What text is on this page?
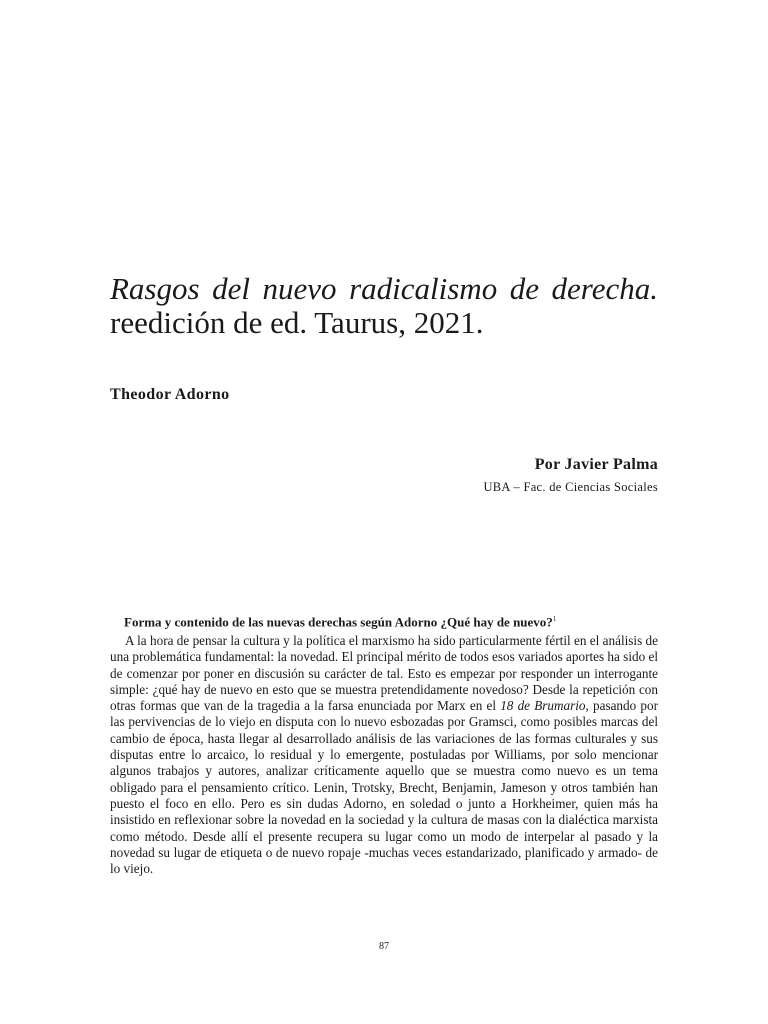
Rasgos del nuevo radicalismo de derecha. reedición de ed. Taurus, 2021.
Theodor Adorno
Por Javier Palma
UBA – Fac. de Ciencias Sociales
Forma y contenido de las nuevas derechas según Adorno ¿Qué hay de nuevo?$^1$

A la hora de pensar la cultura y la política el marxismo ha sido particularmente fértil en el análisis de una problemática fundamental: la novedad. El principal mérito de todos esos variados aportes ha sido el de comenzar por poner en discusión su carácter de tal. Esto es empezar por responder un interrogante simple: ¿qué hay de nuevo en esto que se muestra pretendidamente novedoso? Desde la repetición con otras formas que van de la tragedia a la farsa enunciada por Marx en el 18 de Brumario, pasando por las pervivencias de lo viejo en disputa con lo nuevo esbozadas por Gramsci, como posibles marcas del cambio de época, hasta llegar al desarrollado análisis de las variaciones de las formas culturales y sus disputas entre lo arcaico, lo residual y lo emergente, postuladas por Williams, por solo mencionar algunos trabajos y autores, analizar críticamente aquello que se muestra como nuevo es un tema obligado para el pensamiento crítico. Lenin, Trotsky, Brecht, Benjamin, Jameson y otros también han puesto el foco en ello. Pero es sin dudas Adorno, en soledad o junto a Horkheimer, quien más ha insistido en reflexionar sobre la novedad en la sociedad y la cultura de masas con la dialéctica marxista como método. Desde allí el presente recupera su lugar como un modo de interpelar al pasado y la novedad su lugar de etiqueta o de nuevo ropaje -muchas veces estandarizado, planificado y armado- de lo viejo.

87
